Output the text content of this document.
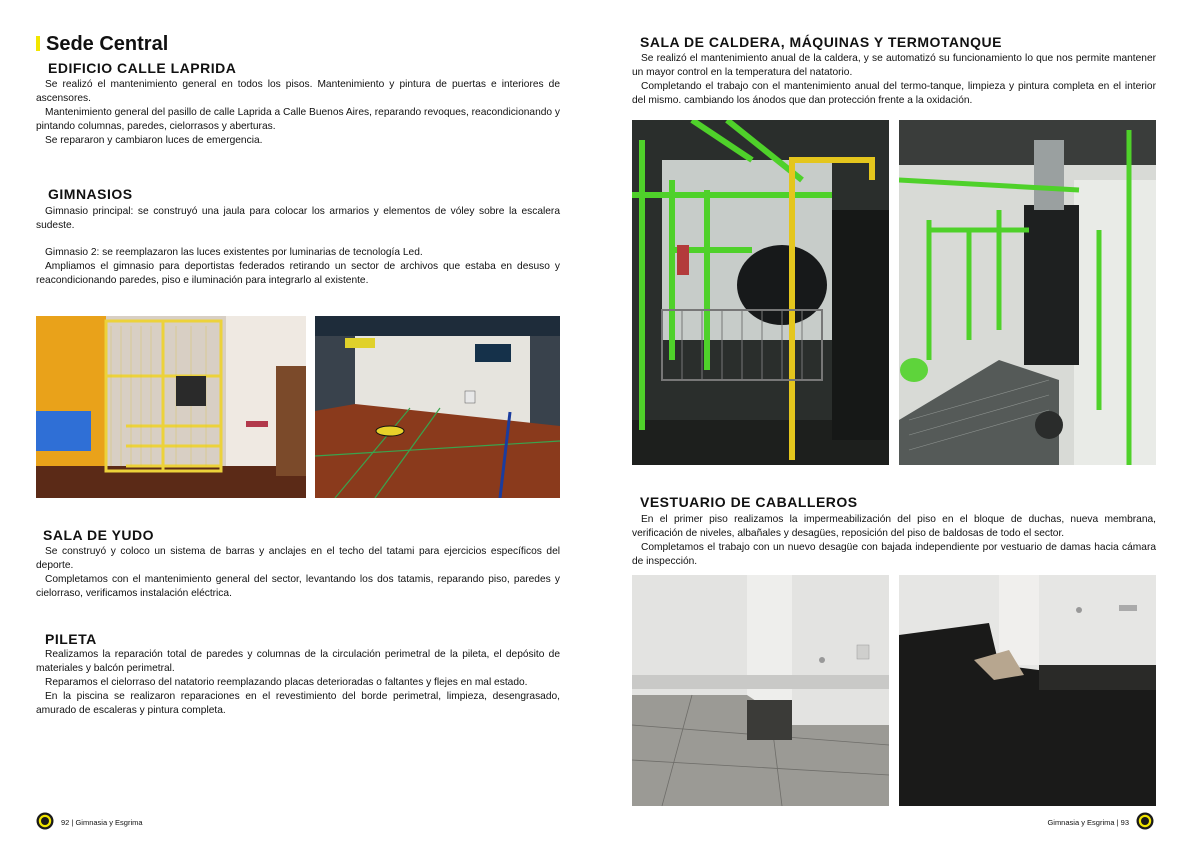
Sede Central
EDIFICIO CALLE LAPRIDA

Se realizó el mantenimiento general en todos los pisos. Mantenimiento y pintura de puertas e interiores de ascensores.

Mantenimiento general del pasillo de calle Laprida a Calle Buenos Aires, reparando revoques, reacondicionando y pintando columnas, paredes, cielorrasos y aberturas.

Se repararon y cambiaron luces de emergencia.

GIMNASIOS

Gimnasio principal: se construyó una jaula para colocar los armarios y elementos de vóley sobre la escalera sudeste.

Gimnasio 2: se reemplazaron las luces existentes por luminarias de tecnología Led.

Ampliamos el gimnasio para deportistas federados retirando un sector de archivos que estaba en desuso y reacondicionando paredes, piso e iluminación para integrarlo al existente.

SALA DE YUDO

Se construyó y coloco un sistema de barras y anclajes en el techo del tatami para ejercicios específicos del deporte.

Completamos con el mantenimiento general del sector, levantando los dos tatamis, reparando piso, paredes y cielorraso, verificamos instalación eléctrica.

PILETA

Realizamos la reparación total de paredes y columnas de la circulación perimetral de la pileta, el depósito de materiales y balcón perimetral.

Reparamos el cielorraso del natatorio reemplazando placas deterioradas o faltantes y flejes en mal estado.

En la piscina se realizaron reparaciones en el revestimiento del borde perimetral, limpieza, desengrasado, amurado de escaleras y pintura completa.

SALA DE CALDERA, MÁQUINAS Y TERMOTANQUE

Se realizó el mantenimiento anual de la caldera, y se automatizó su funcionamiento lo que nos permite mantener un mayor control en la temperatura del natatorio.

Completando el trabajo con el mantenimiento anual del termo-tanque, limpieza y pintura completa en el interior del mismo. cambiando los ánodos que dan protección frente a la oxidación.

VESTUARIO DE CABALLEROS

En el primer piso realizamos la impermeabilización del piso en el bloque de duchas, nueva membrana, verificación de niveles, albañales y desagües, reposición del piso de baldosas de todo el sector.

Completamos el trabajo con un nuevo desagüe con bajada independiente por vestuario de damas hacia cámara de inspección.

92 | Gimnasia y Esgrima	Gimnasia y Esgrima | 93
